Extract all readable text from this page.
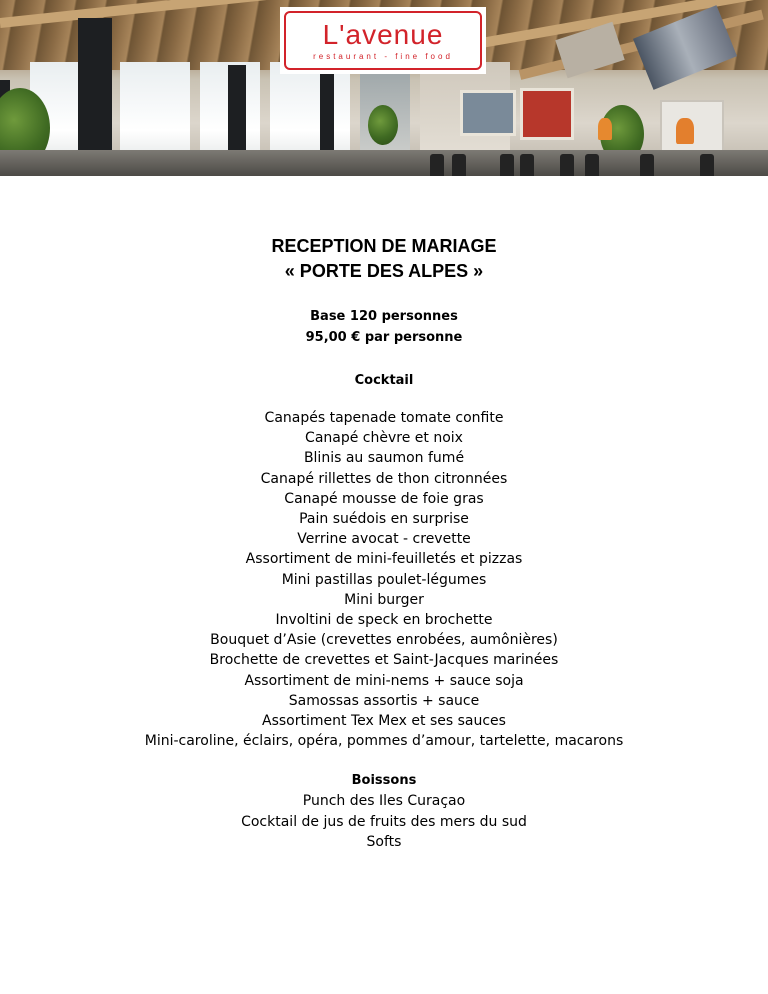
L'avenue
restaurant - fine food
RECEPTION DE MARIAGE
« PORTE DES ALPES »
Base 120 personnes
95,00 € par personne
Cocktail
Canapés tapenade tomate confite
Canapé chèvre et noix
Blinis au saumon fumé
Canapé rillettes de thon citronnées
Canapé mousse de foie gras
Pain suédois en surprise
Verrine avocat - crevette
Assortiment de mini-feuilletés et pizzas
Mini pastillas poulet-légumes
Mini burger
Involtini de speck en brochette
Bouquet d’Asie (crevettes enrobées, aumônières)
Brochette de crevettes et Saint-Jacques marinées
Assortiment de mini-nems + sauce soja
Samossas assortis + sauce
Assortiment Tex Mex et ses sauces
Mini-caroline, éclairs, opéra, pommes d’amour, tartelette, macarons
Boissons
Punch des Iles Curaçao
Cocktail de jus de fruits des mers du sud
Softs
